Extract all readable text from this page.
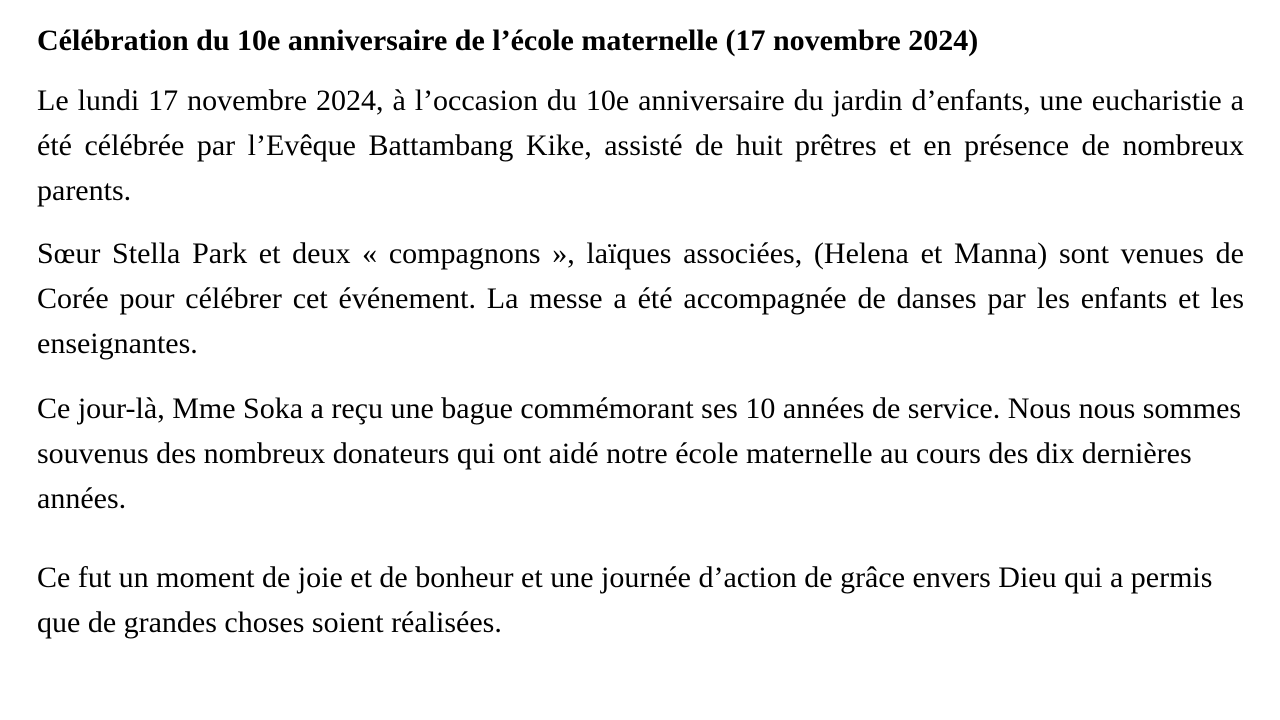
Célébration du 10e anniversaire de l’école maternelle (17 novembre 2024)

Le lundi 17 novembre 2024, à l’occasion du 10e anniversaire du jardin d’enfants, une eucharistie a été célébrée par l’Evêque Battambang Kike, assisté de huit prêtres et en présence de nombreux parents.

Sœur Stella Park et deux « compagnons », laïques associées, (Helena et Manna) sont venues de Corée pour célébrer cet événement. La messe a été accompagnée de danses par les enfants et les enseignantes.

Ce jour-là, Mme Soka a reçu une bague commémorant ses 10 années de service. Nous nous sommes souvenus des nombreux donateurs qui ont aidé notre école maternelle au cours des dix dernières années.

Ce fut un moment de joie et de bonheur et une journée d’action de grâce envers Dieu qui a permis que de grandes choses soient réalisées.
